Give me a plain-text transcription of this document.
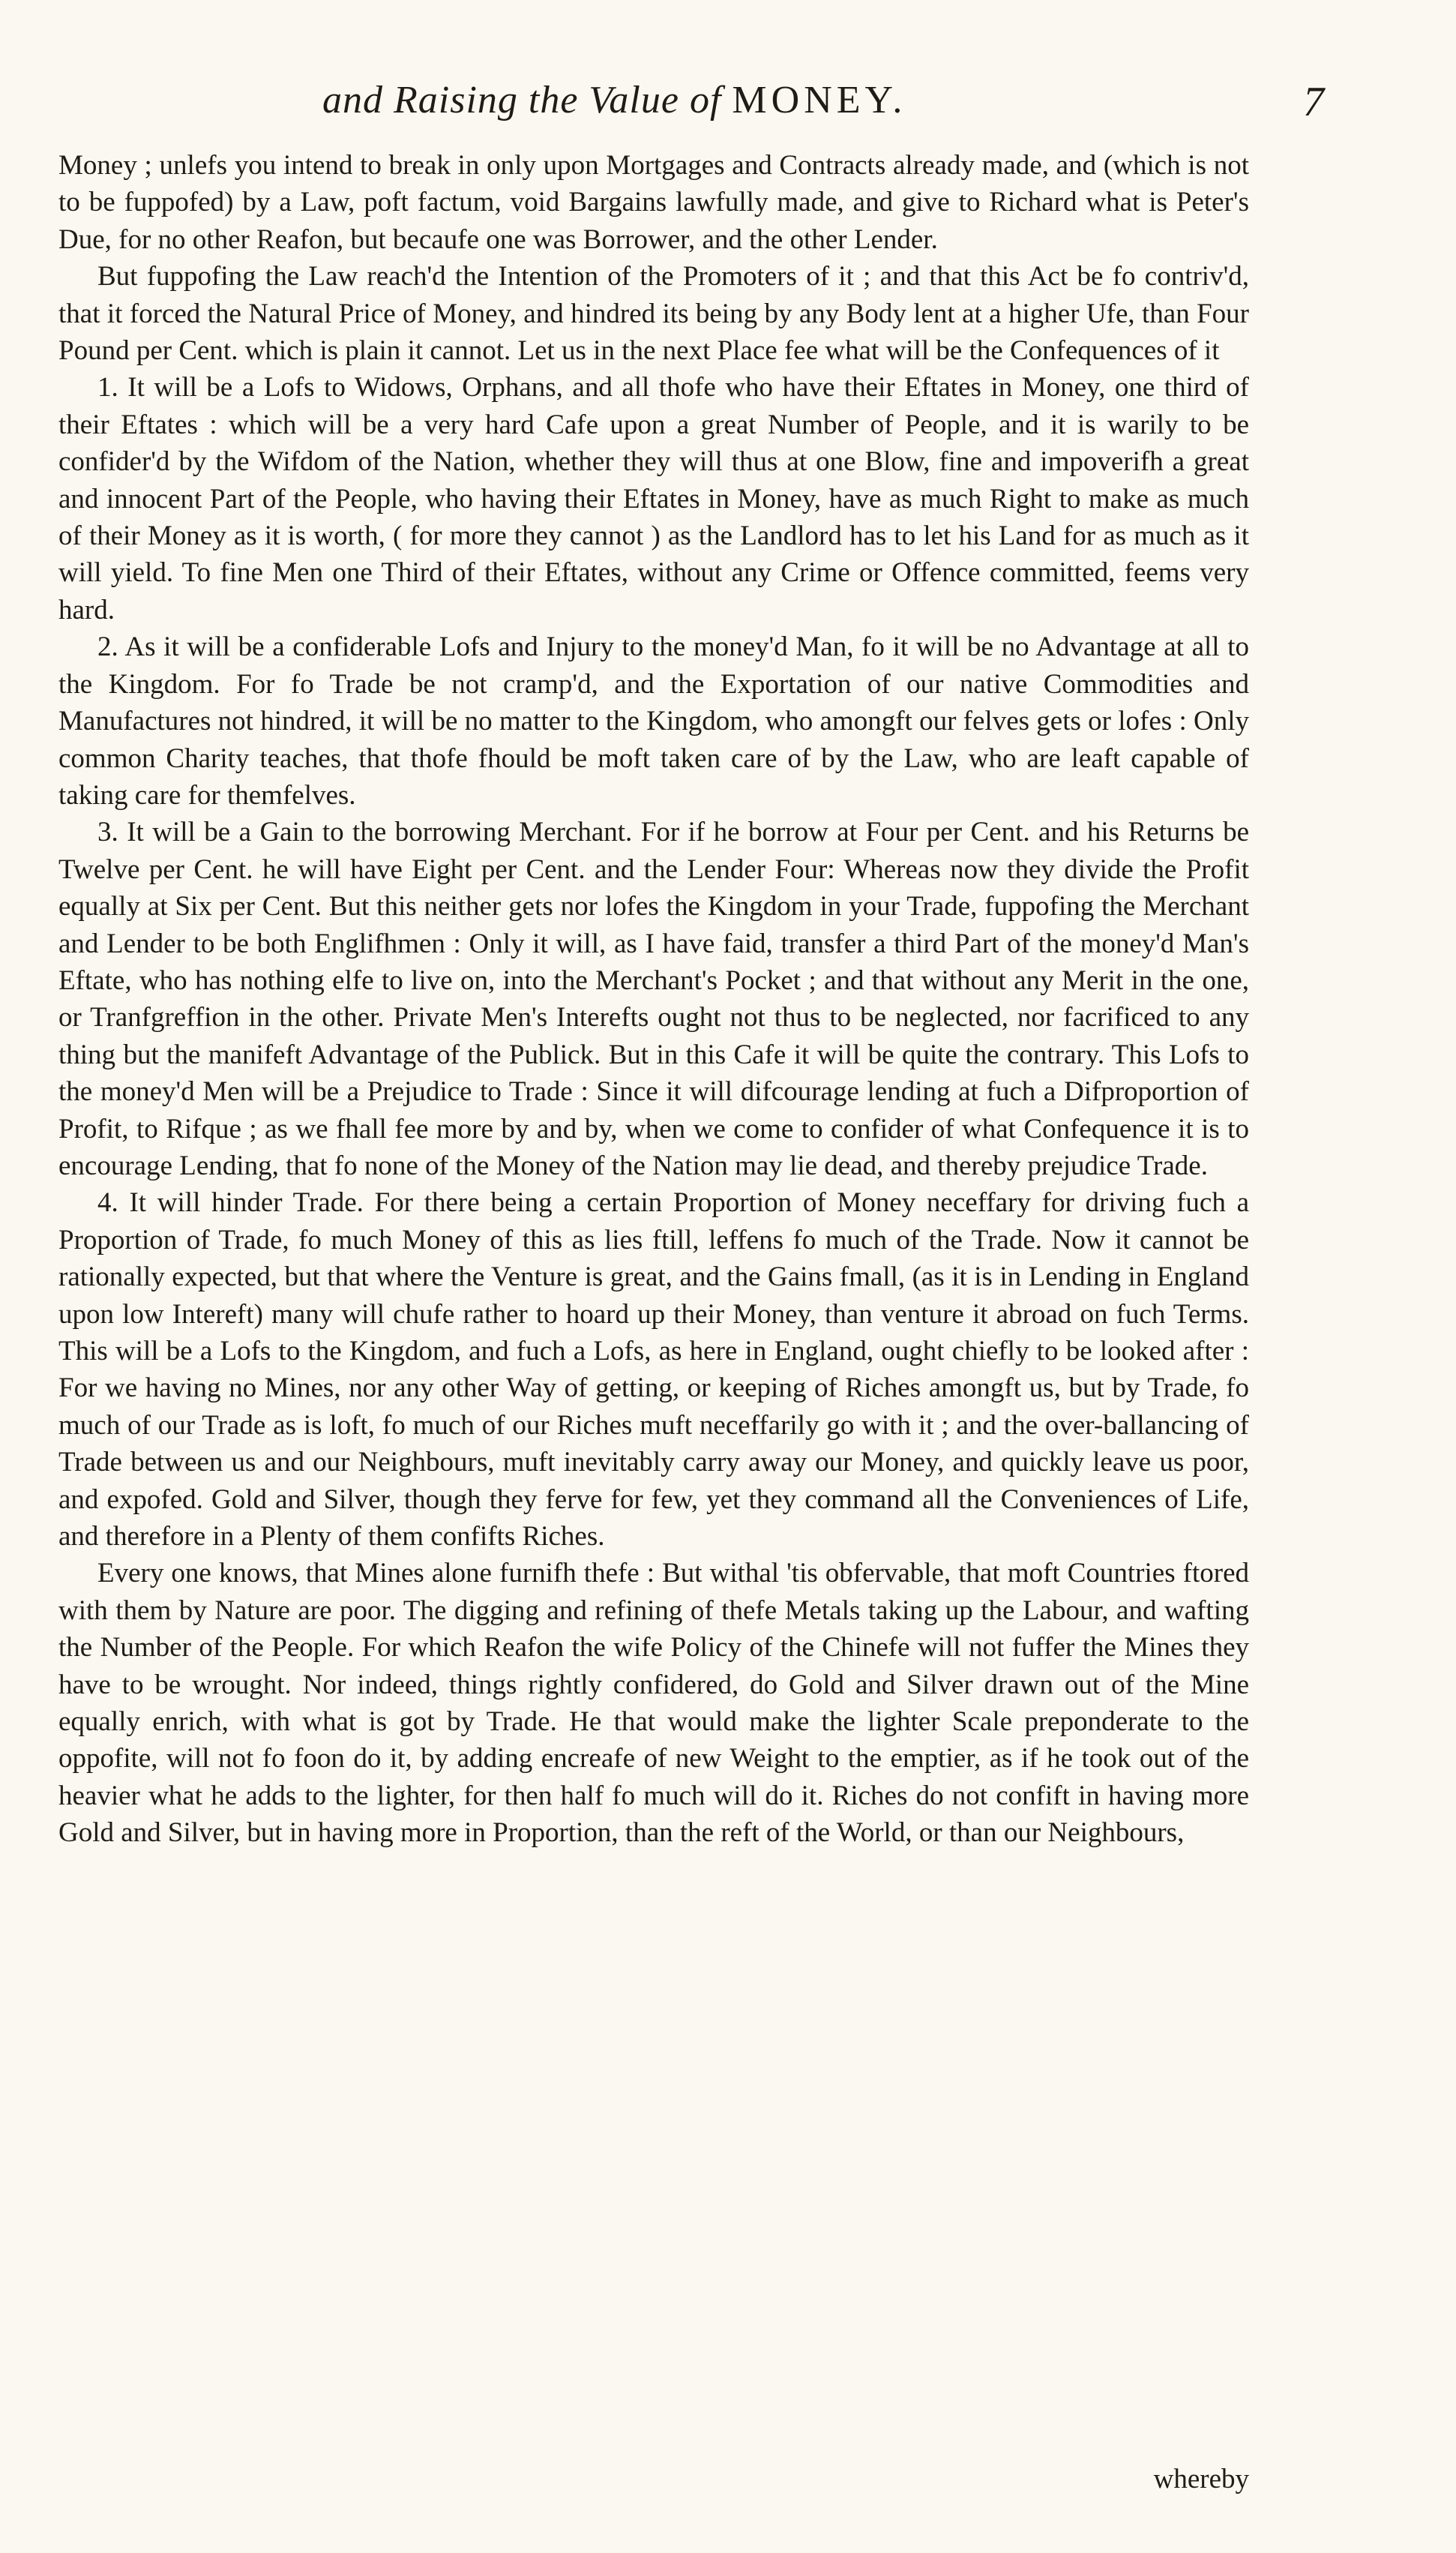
and Raising the Value of MONEY.	7

Money ; unlefs you intend to break in only upon Mortgages and Contracts already made, and (which is not to be fuppofed) by a Law, poft factum, void Bargains lawfully made, and give to Richard what is Peter's Due, for no other Reafon, but becaufe one was Borrower, and the other Lender.

But fuppofing the Law reach'd the Intention of the Promoters of it ; and that this Act be fo contriv'd, that it forced the Natural Price of Money, and hindred its being by any Body lent at a higher Ufe, than Four Pound per Cent. which is plain it cannot. Let us in the next Place fee what will be the Confequences of it

1. It will be a Lofs to Widows, Orphans, and all thofe who have their Eftates in Money, one third of their Eftates : which will be a very hard Cafe upon a great Number of People, and it is warily to be confider'd by the Wifdom of the Nation, whether they will thus at one Blow, fine and impoverifh a great and innocent Part of the People, who having their Eftates in Money, have as much Right to make as much of their Money as it is worth, ( for more they cannot ) as the Landlord has to let his Land for as much as it will yield. To fine Men one Third of their Eftates, without any Crime or Offence committed, feems very hard.

2. As it will be a confiderable Lofs and Injury to the money'd Man, fo it will be no Advantage at all to the Kingdom. For fo Trade be not cramp'd, and the Exportation of our native Commodities and Manufactures not hindred, it will be no matter to the Kingdom, who amongft our felves gets or lofes : Only common Charity teaches, that thofe fhould be moft taken care of by the Law, who are leaft capable of taking care for themfelves.

3. It will be a Gain to the borrowing Merchant. For if he borrow at Four per Cent. and his Returns be Twelve per Cent. he will have Eight per Cent. and the Lender Four: Whereas now they divide the Profit equally at Six per Cent. But this neither gets nor lofes the Kingdom in your Trade, fuppofing the Merchant and Lender to be both Englifhmen : Only it will, as I have faid, transfer a third Part of the money'd Man's Eftate, who has nothing elfe to live on, into the Merchant's Pocket ; and that without any Merit in the one, or Tranfgreffion in the other. Private Men's Interefts ought not thus to be neglected, nor facrificed to any thing but the manifeft Advantage of the Publick. But in this Cafe it will be quite the contrary. This Lofs to the money'd Men will be a Prejudice to Trade : Since it will difcourage lending at fuch a Difproportion of Profit, to Rifque ; as we fhall fee more by and by, when we come to confider of what Confequence it is to encourage Lending, that fo none of the Money of the Nation may lie dead, and thereby prejudice Trade.

4. It will hinder Trade. For there being a certain Proportion of Money neceffary for driving fuch a Proportion of Trade, fo much Money of this as lies ftill, leffens fo much of the Trade. Now it cannot be rationally expected, but that where the Venture is great, and the Gains fmall, (as it is in Lending in England upon low Intereft) many will chufe rather to hoard up their Money, than venture it abroad on fuch Terms. This will be a Lofs to the Kingdom, and fuch a Lofs, as here in England, ought chiefly to be looked after : For we having no Mines, nor any other Way of getting, or keeping of Riches amongft us, but by Trade, fo much of our Trade as is loft, fo much of our Riches muft neceffarily go with it ; and the over-ballancing of Trade between us and our Neighbours, muft inevitably carry away our Money, and quickly leave us poor, and expofed. Gold and Silver, though they ferve for few, yet they command all the Conveniences of Life, and therefore in a Plenty of them confifts Riches.

Every one knows, that Mines alone furnifh thefe : But withal 'tis obfervable, that moft Countries ftored with them by Nature are poor. The digging and refining of thefe Metals taking up the Labour, and wafting the Number of the People. For which Reafon the wife Policy of the Chinefe will not fuffer the Mines they have to be wrought. Nor indeed, things rightly confidered, do Gold and Silver drawn out of the Mine equally enrich, with what is got by Trade. He that would make the lighter Scale preponderate to the oppofite, will not fo foon do it, by adding encreafe of new Weight to the emptier, as if he took out of the heavier what he adds to the lighter, for then half fo much will do it. Riches do not confift in having more Gold and Silver, but in having more in Proportion, than the reft of the World, or than our Neighbours,

whereby
